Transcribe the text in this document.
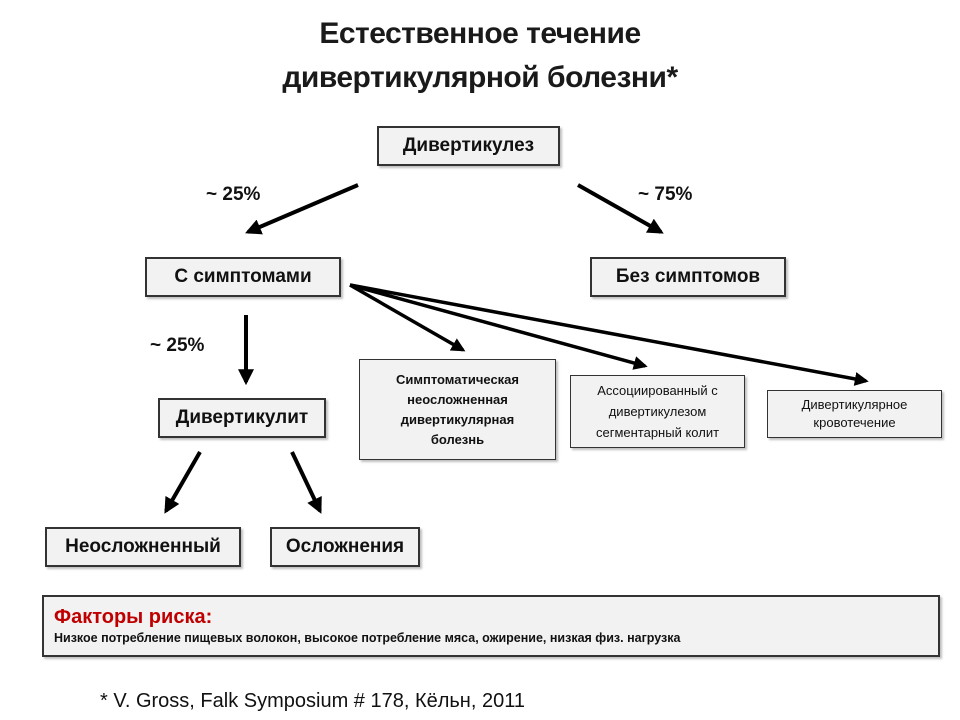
Естественное течение
дивертикулярной болезни*
Дивертикулез
~ 25%	~ 75%
С симптомами	Без симптомов
~ 25%
Симптоматическая
неосложненная
дивертикулярная
болезнь
Ассоциированный с
дивертикулезом
сегментарный колит
Дивертикулярное
кровотечение
Дивертикулит
Неосложненный	Осложнения
Факторы риска:
Низкое потребление пищевых волокон, высокое потребление мяса, ожирение, низкая физ. нагрузка
* V. Gross, Falk Symposium # 178, Кёльн, 2011
